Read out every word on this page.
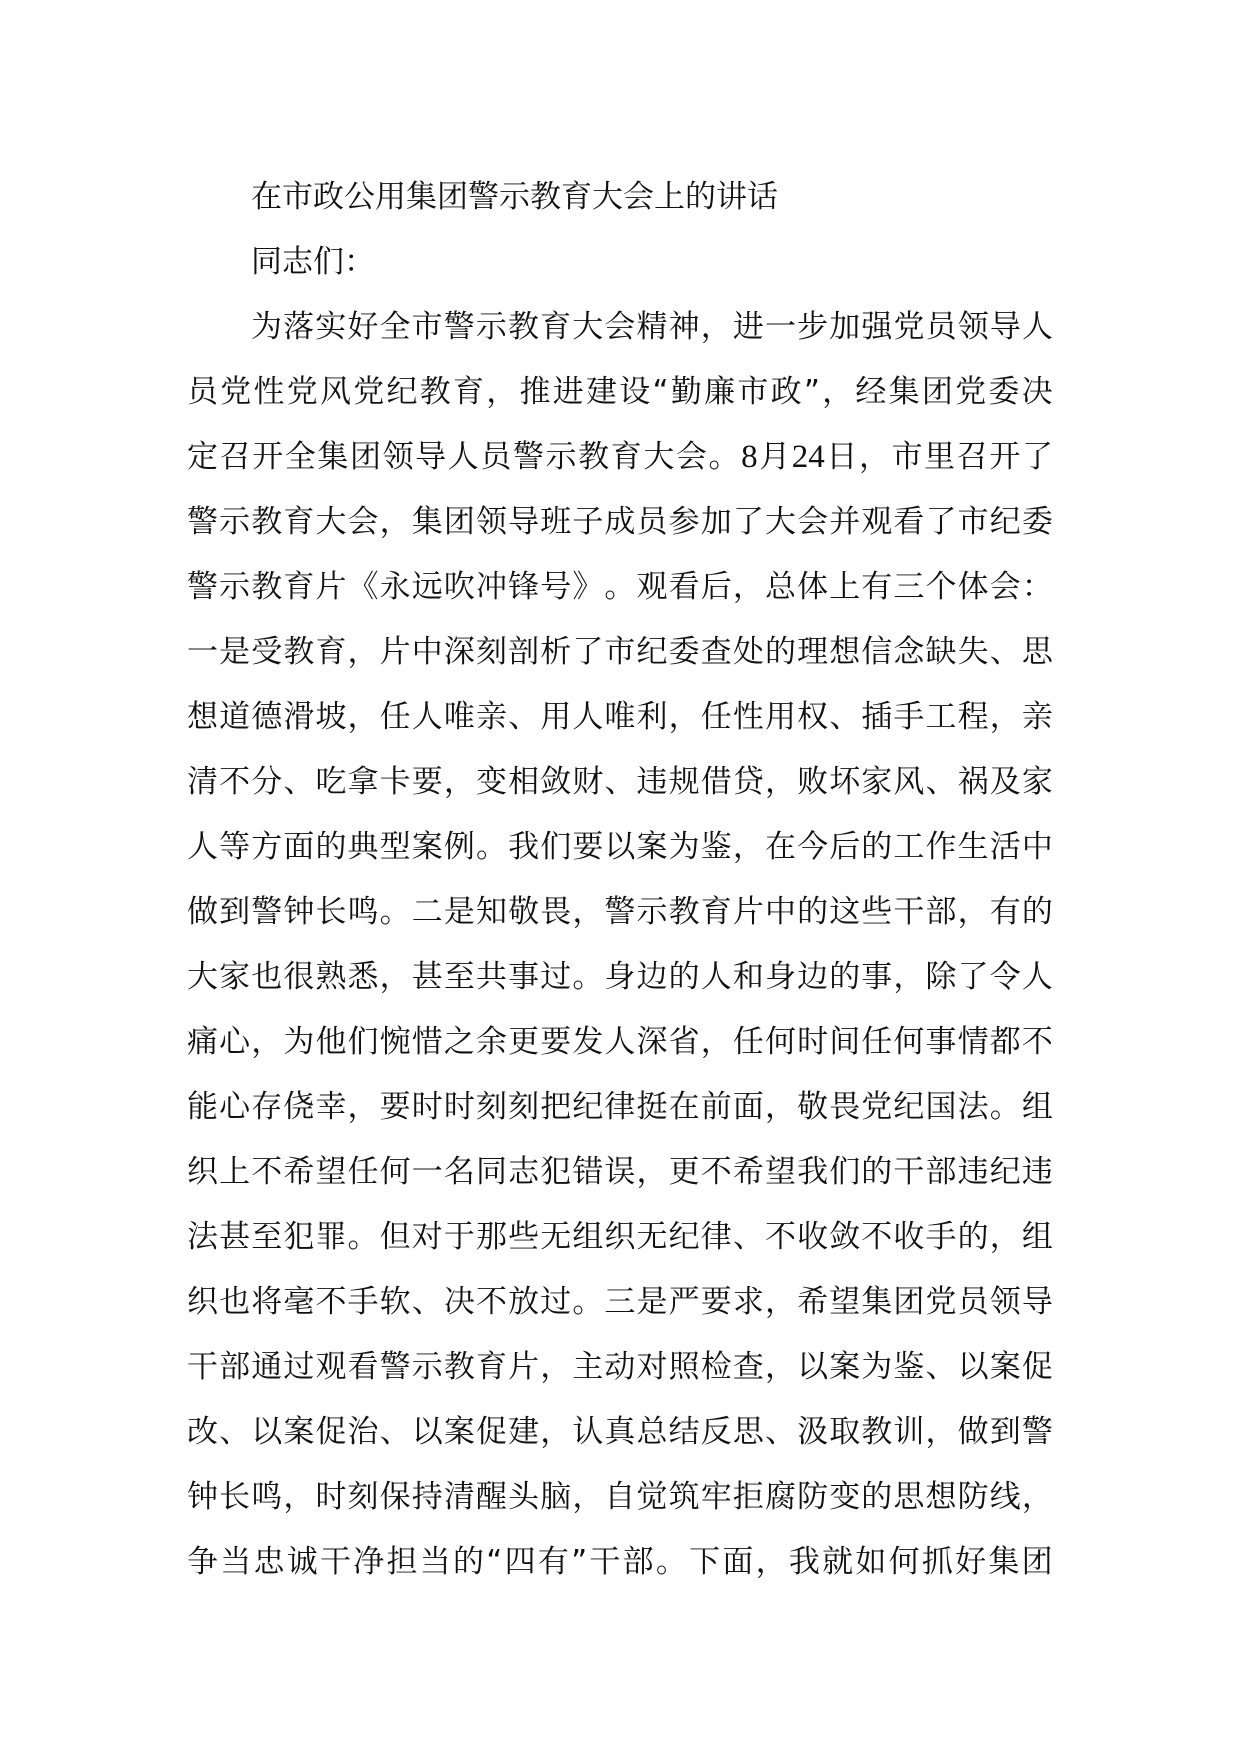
在市政公用集团警示教育大会上的讲话
同志们：
为 落 实 好 全 市 警 示 教 育 大 会 精 神 ， 进 一 步 加 强 党 员 领 导 人
员 党 性 党 风 党 纪 教 育 ， 推 进 建 设 “ 勤 廉 市 政 ” ， 经 集 团 党 委 决
定 召 开 全 集 团 领 导 人 员 警 示 教 育 大 会 。 8 月 24 日 ， 市 里 召 开 了
警 示 教 育 大 会 ， 集 团 领 导 班 子 成 员 参 加 了 大 会 并 观 看 了 市 纪 委
警 示 教 育 片 《 永 远 吹 冲 锋 号 》 。 观 看 后 ， 总 体 上 有 三 个 体 会 ：
一 是 受 教 育 ， 片 中 深 刻 剖 析 了 市 纪 委 查 处 的 理 想 信 念 缺 失 、 思
想 道 德 滑 坡 ， 任 人 唯 亲 、 用 人 唯 利 ， 任 性 用 权 、 插 手 工 程 ， 亲
清 不 分 、 吃 拿 卡 要 ， 变 相 敛 财 、 违 规 借 贷 ， 败 坏 家 风 、 祸 及 家
人 等 方 面 的 典 型 案 例 。 我 们 要 以 案 为 鉴 ， 在 今 后 的 工 作 生 活 中
做 到 警 钟 长 鸣 。 二 是 知 敬 畏 ， 警 示 教 育 片 中 的 这 些 干 部 ， 有 的
大 家 也 很 熟 悉 ， 甚 至 共 事 过 。 身 边 的 人 和 身 边 的 事 ， 除 了 令 人
痛 心 ， 为 他 们 惋 惜 之 余 更 要 发 人 深 省 ， 任 何 时 间 任 何 事 情 都 不
能 心 存 侥 幸 ， 要 时 时 刻 刻 把 纪 律 挺 在 前 面 ， 敬 畏 党 纪 国 法 。 组
织 上 不 希 望 任 何 一 名 同 志 犯 错 误 ， 更 不 希 望 我 们 的 干 部 违 纪 违
法 甚 至 犯 罪 。 但 对 于 那 些 无 组 织 无 纪 律 、 不 收 敛 不 收 手 的 ， 组
织 也 将 毫 不 手 软 、 决 不 放 过 。 三 是 严 要 求 ， 希 望 集 团 党 员 领 导
干 部 通 过 观 看 警 示 教 育 片 ， 主 动 对 照 检 查 ， 以 案 为 鉴 、 以 案 促
改 、 以 案 促 治 、 以 案 促 建 ， 认 真 总 结 反 思 、 汲 取 教 训 ， 做 到 警
钟 长 鸣 ， 时 刻 保 持 清 醒 头 脑 ， 自 觉 筑 牢 拒 腐 防 变 的 思 想 防 线 ，
争 当 忠 诚 干 净 担 当 的 “ 四 有 ” 干 部 。 下 面 ， 我 就 如 何 抓 好 集 团
